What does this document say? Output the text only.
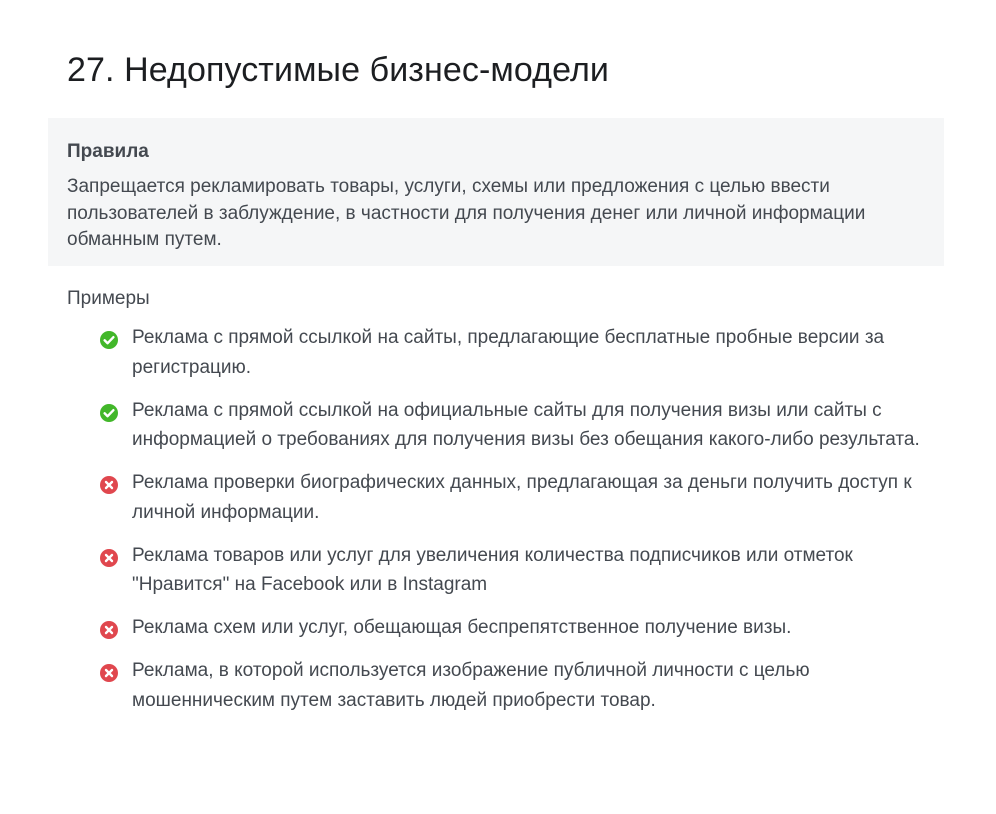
27. Недопустимые бизнес-модели
Правила

Запрещается рекламировать товары, услуги, схемы или предложения с целью ввести пользователей в заблуждение, в частности для получения денег или личной информации обманным путем.

Примеры
Реклама с прямой ссылкой на сайты, предлагающие бесплатные пробные версии за регистрацию.
Реклама с прямой ссылкой на официальные сайты для получения визы или сайты с информацией о требованиях для получения визы без обещания какого-либо результата.
Реклама проверки биографических данных, предлагающая за деньги получить доступ к личной информации.
Реклама товаров или услуг для увеличения количества подписчиков или отметок "Нравится" на Facebook или в Instagram
Реклама схем или услуг, обещающая беспрепятственное получение визы.
Реклама, в которой используется изображение публичной личности с целью мошенническим путем заставить людей приобрести товар.
